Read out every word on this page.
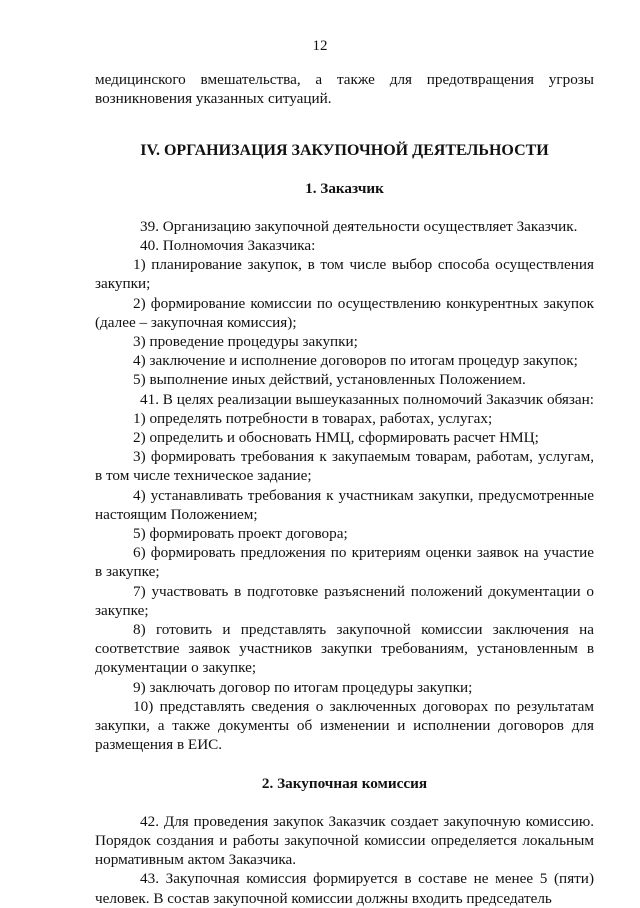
12

медицинского вмешательства, а также для предотвращения угрозы возникновения указанных ситуаций.

IV. ОРГАНИЗАЦИЯ ЗАКУПОЧНОЙ ДЕЯТЕЛЬНОСТИ

1. Заказчик

39. Организацию закупочной деятельности осуществляет Заказчик.

40. Полномочия Заказчика:

1) планирование закупок, в том числе выбор способа осуществления закупки;

2) формирование комиссии по осуществлению конкурентных закупок (далее – закупочная комиссия);

3) проведение процедуры закупки;

4) заключение и исполнение договоров по итогам процедур закупок;

5) выполнение иных действий, установленных Положением.

41. В целях реализации вышеуказанных полномочий Заказчик обязан:

1) определять потребности в товарах, работах, услугах;

2) определить и обосновать НМЦ, сформировать расчет НМЦ;

3) формировать требования к закупаемым товарам, работам, услугам, в том числе техническое задание;

4) устанавливать требования к участникам закупки, предусмотренные настоящим Положением;

5) формировать проект договора;

6) формировать предложения по критериям оценки заявок на участие в закупке;

7) участвовать в подготовке разъяснений положений документации о закупке;

8) готовить и представлять закупочной комиссии заключения на соответствие заявок участников закупки требованиям, установленным в документации о закупке;

9) заключать договор по итогам процедуры закупки;

10) представлять сведения о заключенных договорах по результатам закупки, а также документы об изменении и исполнении договоров для размещения в ЕИС.

2. Закупочная комиссия

42. Для проведения закупок Заказчик создает закупочную комиссию. Порядок создания и работы закупочной комиссии определяется локальным нормативным актом Заказчика.

43. Закупочная комиссия формируется в составе не менее 5 (пяти) человек. В состав закупочной комиссии должны входить председатель
